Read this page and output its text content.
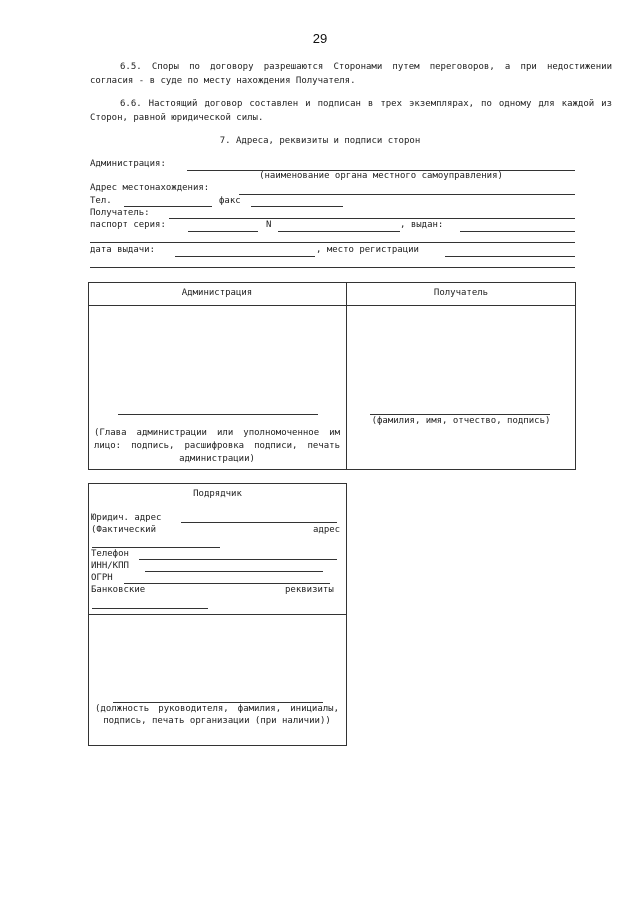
29
6.5. Споры по договору разрешаются Сторонами путем переговоров, а при недостижении согласия - в суде по месту нахождения Получателя.
6.6. Настоящий договор составлен и подписан в трех экземплярах, по одному для каждой из Сторон, равной юридической силы.
7. Адреса, реквизиты и подписи сторон
Администрация:
(наименование органа местного самоуправления)
Адрес местонахождения:
Тел.	факс
Получатель:
паспорт серия:	N	, выдан:
дата выдачи:	, место регистрации
Администрация	Получатель
(Глава администрации или уполномоченное им лицо: подпись, расшифровка подписи, печать администрации)
(фамилия, имя, отчество, подпись)
Подрядчик
Юридич. адрес
(Фактический	адрес
Телефон
ИНН/КПП
ОГРН
Банковские	реквизиты
(должность руководителя, фамилия, инициалы, подпись, печать организации (при наличии))
